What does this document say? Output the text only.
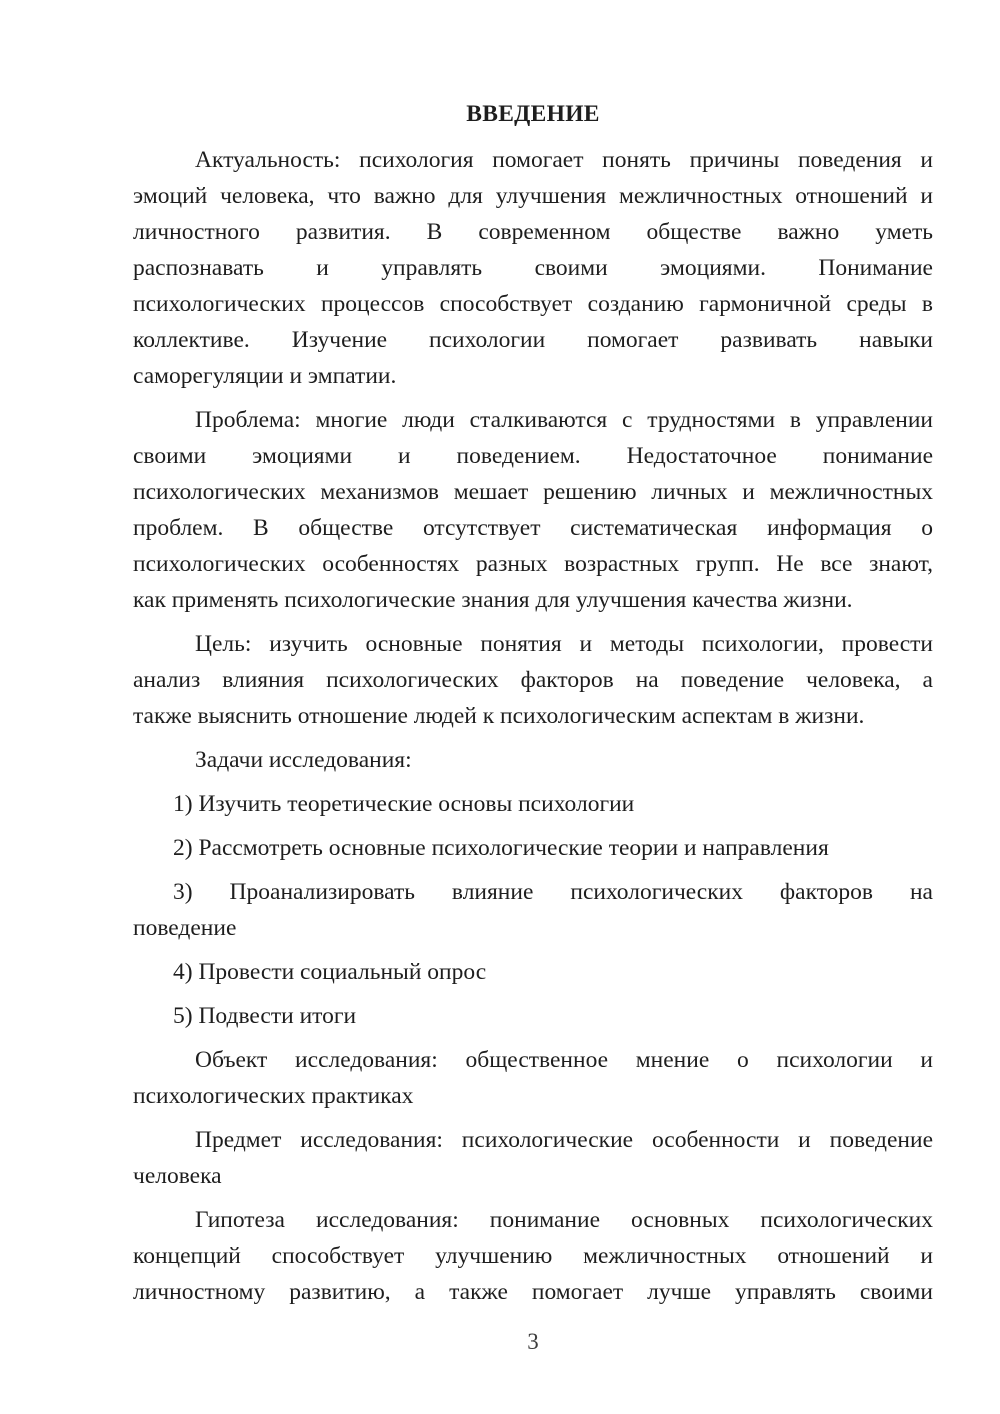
ВВЕДЕНИЕ
Актуальность: психология помогает понять причины поведения и
эмоций человека, что важно для улучшения межличностных отношений и
личностного развития. В современном обществе важно уметь
распознавать и управлять своими эмоциями. Понимание
психологических процессов способствует созданию гармоничной среды в
коллективе. Изучение психологии помогает развивать навыки
саморегуляции и эмпатии.
Проблема: многие люди сталкиваются с трудностями в управлении
своими эмоциями и поведением. Недостаточное понимание
психологических механизмов мешает решению личных и межличностных
проблем. В обществе отсутствует систематическая информация о
психологических особенностях разных возрастных групп. Не все знают,
как применять психологические знания для улучшения качества жизни.
Цель: изучить основные понятия и методы психологии, провести
анализ влияния психологических факторов на поведение человека, а
также выяснить отношение людей к психологическим аспектам в жизни.
Задачи исследования:
1) Изучить теоретические основы психологии
2) Рассмотреть основные психологические теории и направления
3) Проанализировать влияние психологических факторов на
поведение
4) Провести социальный опрос
5) Подвести итоги
Объект исследования: общественное мнение о психологии и
психологических практиках
Предмет исследования: психологические особенности и поведение
человека
Гипотеза исследования: понимание основных психологических
концепций способствует улучшению межличностных отношений и
личностному развитию, а также помогает лучше управлять своими
3
